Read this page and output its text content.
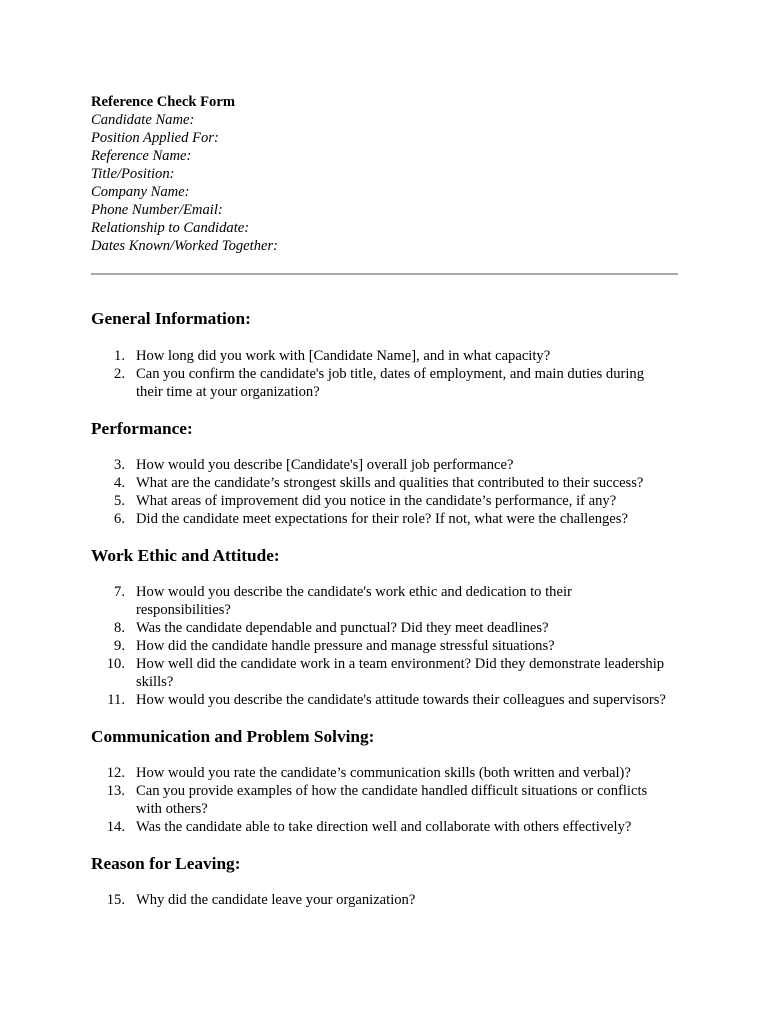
Reference Check Form

Candidate Name:

Position Applied For:

Reference Name:

Title/Position:

Company Name:

Phone Number/Email:

Relationship to Candidate:

Dates Known/Worked Together:

General Information:
1. How long did you work with [Candidate Name], and in what capacity?
2. Can you confirm the candidate's job title, dates of employment, and main duties during their time at your organization?
Performance:
3. How would you describe [Candidate's] overall job performance?
4. What are the candidate’s strongest skills and qualities that contributed to their success?
5. What areas of improvement did you notice in the candidate’s performance, if any?
6. Did the candidate meet expectations for their role? If not, what were the challenges?
Work Ethic and Attitude:
7. How would you describe the candidate's work ethic and dedication to their responsibilities?
8. Was the candidate dependable and punctual? Did they meet deadlines?
9. How did the candidate handle pressure and manage stressful situations?
10. How well did the candidate work in a team environment? Did they demonstrate leadership skills?
11. How would you describe the candidate's attitude towards their colleagues and supervisors?
Communication and Problem Solving:
12. How would you rate the candidate’s communication skills (both written and verbal)?
13. Can you provide examples of how the candidate handled difficult situations or conflicts with others?
14. Was the candidate able to take direction well and collaborate with others effectively?
Reason for Leaving:
15. Why did the candidate leave your organization?
